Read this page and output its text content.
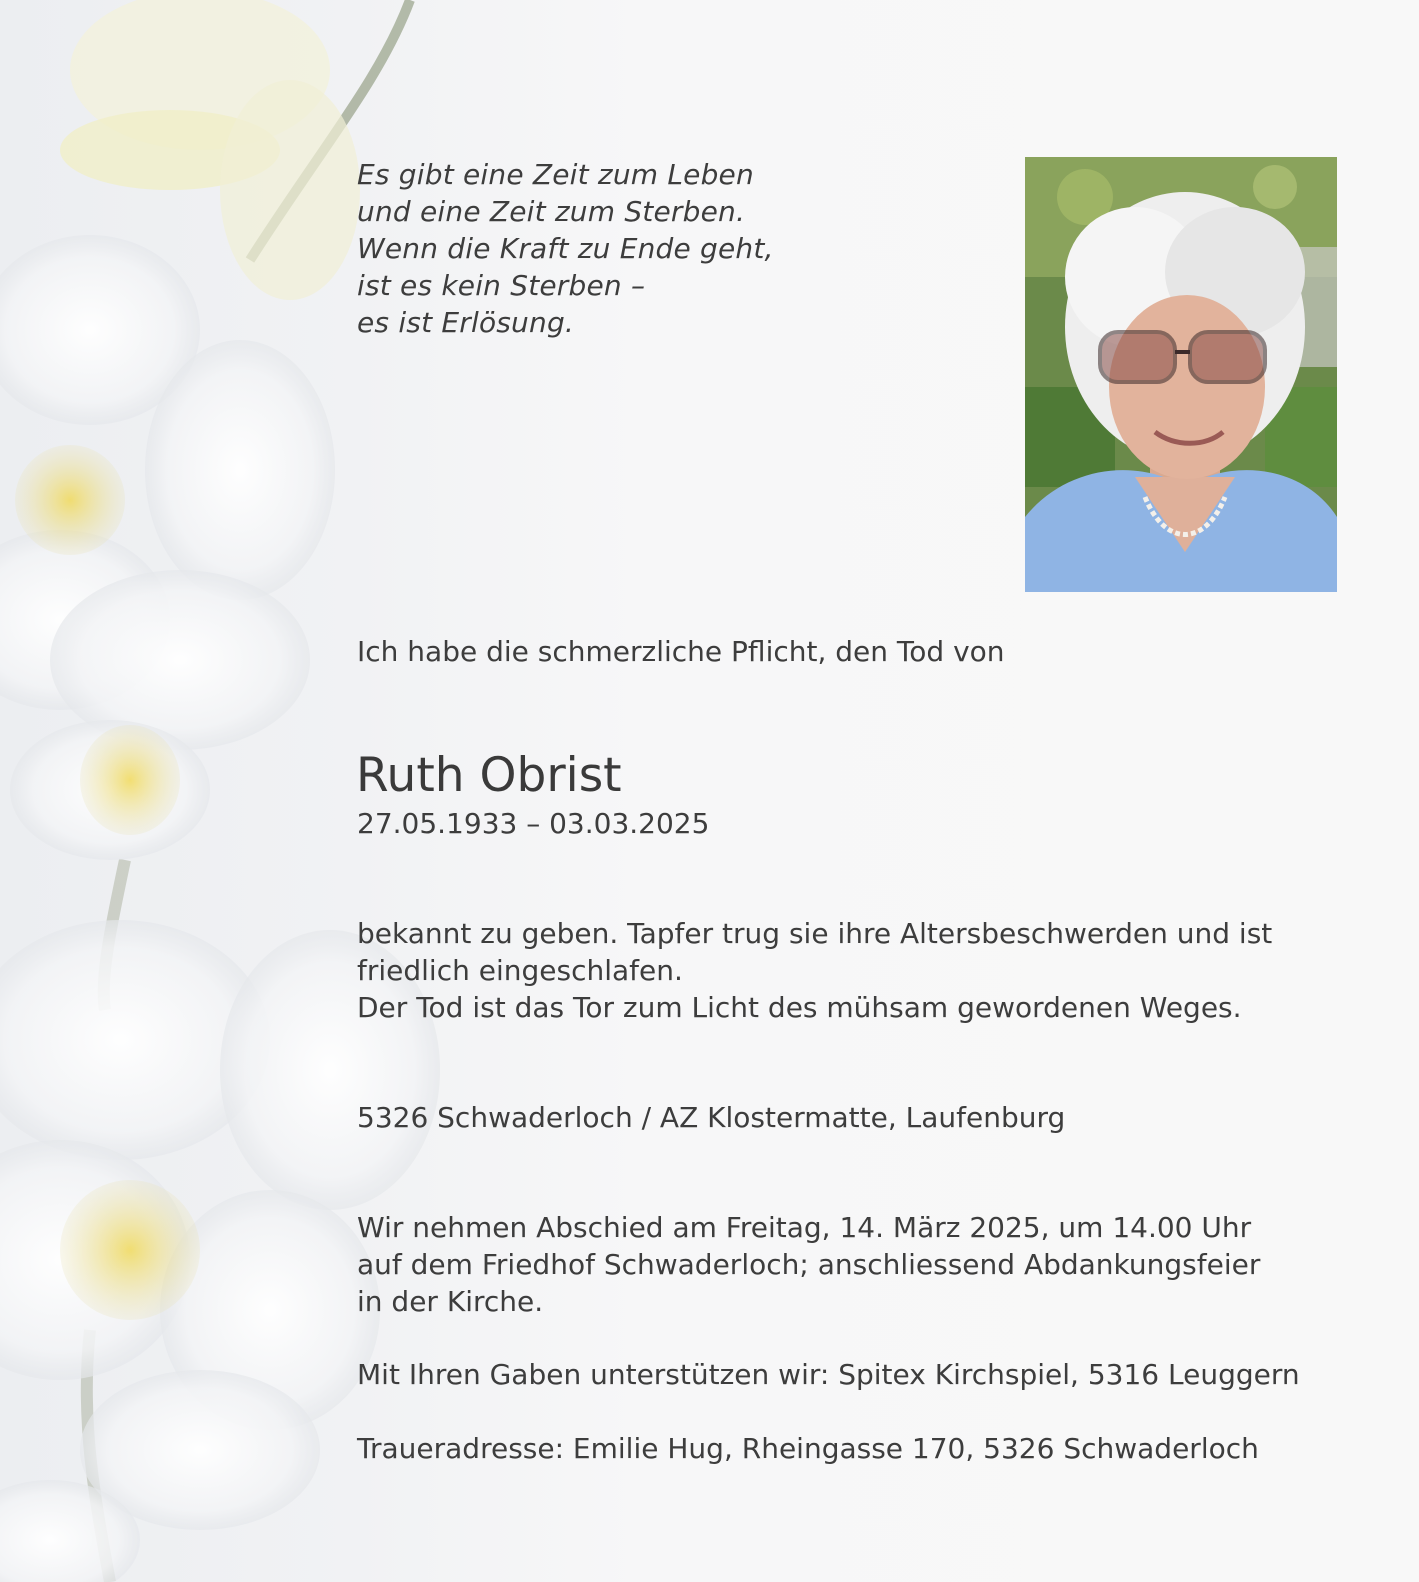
Es gibt eine Zeit zum Leben
und eine Zeit zum Sterben.
Wenn die Kraft zu Ende geht,
ist es kein Sterben –
es ist Erlösung.
Ich habe die schmerzliche Pflicht, den Tod von
Ruth Obrist
27.05.1933 – 03.03.2025
bekannt zu geben. Tapfer trug sie ihre Altersbeschwerden und ist
friedlich eingeschlafen.
Der Tod ist das Tor zum Licht des mühsam gewordenen Weges.
5326 Schwaderloch / AZ Klostermatte, Laufenburg
Wir nehmen Abschied am Freitag, 14. März 2025, um 14.00 Uhr
auf dem Friedhof Schwaderloch; anschliessend Abdankungsfeier
in der Kirche.
Mit Ihren Gaben unterstützen wir: Spitex Kirchspiel, 5316 Leuggern
Traueradresse: Emilie Hug, Rheingasse 170, 5326 Schwaderloch
